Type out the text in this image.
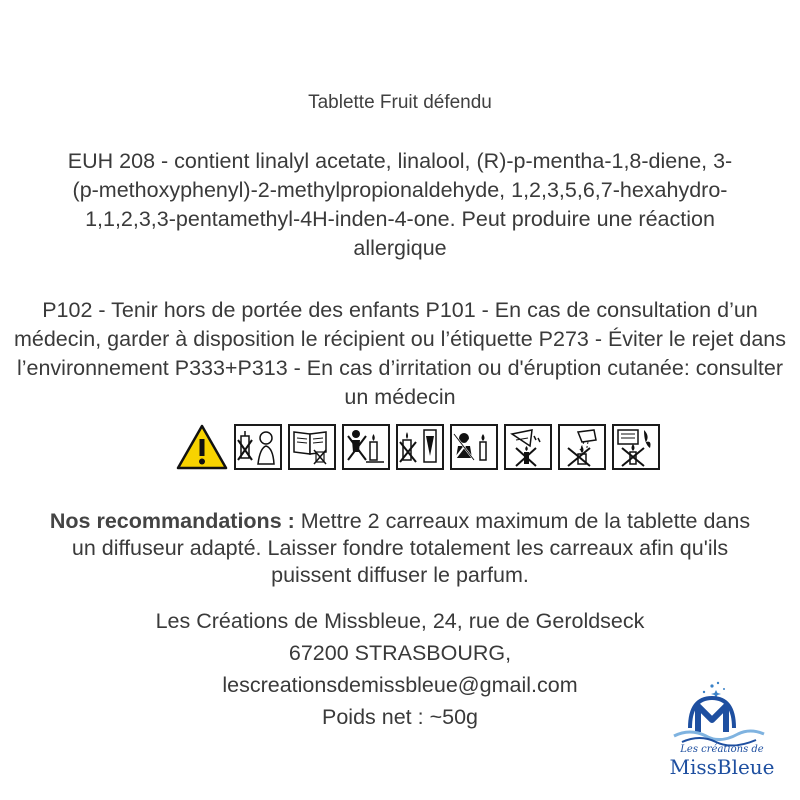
Tablette Fruit défendu
EUH 208 - contient linalyl acetate, linalool, (R)-p-mentha-1,8-diene, 3-(p-methoxyphenyl)-2-methylpropionaldehyde, 1,2,3,5,6,7-hexahydro-1,1,2,3,3-pentamethyl-4H-inden-4-one. Peut produire une réaction allergique
P102 - Tenir hors de portée des enfants P101 - En cas de consultation d’un médecin, garder à disposition le récipient ou l’étiquette P273 - Éviter le rejet dans l’environnement P333+P313 - En cas d’irritation ou d'éruption cutanée: consulter un médecin
Nos recommandations : Mettre 2 carreaux maximum de la tablette dans un diffuseur adapté. Laisser fondre totalement les carreaux afin qu'ils puissent diffuser le parfum.
Les Créations de Missbleue, 24, rue de Geroldseck
67200 STRASBOURG,
lescreationsdemissbleue@gmail.com
Poids net : ~50g
Les créations de
MissBleue
